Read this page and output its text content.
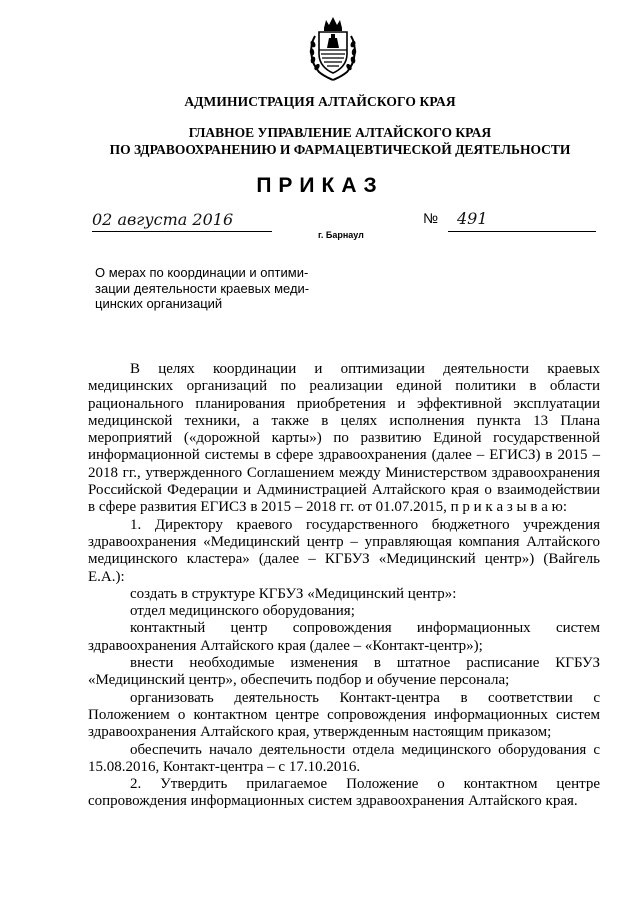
АДМИНИСТРАЦИЯ АЛТАЙСКОГО КРАЯ
ГЛАВНОЕ УПРАВЛЕНИЕ АЛТАЙСКОГО КРАЯ
ПО ЗДРАВООХРАНЕНИЮ И ФАРМАЦЕВТИЧЕСКОЙ ДЕЯТЕЛЬНОСТИ
ПРИКАЗ
02 августа 2016
г. Барнаул
№ 491
О мерах по координации и оптими-
зации деятельности краевых меди-
цинских организаций

В целях координации и оптимизации деятельности краевых медицинских организаций по реализации единой политики в области рационального планирования приобретения и эффективной эксплуатации медицинской техники, а также в целях исполнения пункта 13 Плана мероприятий («дорожной карты») по развитию Единой государственной информационной системы в сфере здравоохранения (далее – ЕГИСЗ) в 2015 – 2018 гг., утвержденного Соглашением между Министерством здравоохранения Российской Федерации и Администрацией Алтайского края о взаимодействии в сфере развития ЕГИСЗ в 2015 – 2018 гг. от 01.07.2015, п р и к а з ы в а ю:

1. Директору краевого государственного бюджетного учреждения здравоохранения «Медицинский центр – управляющая компания Алтайского медицинского кластера» (далее – КГБУЗ «Медицинский центр») (Вайгель Е.А.):

создать в структуре КГБУЗ «Медицинский центр»:

отдел медицинского оборудования;

контактный центр сопровождения информационных систем здравоохранения Алтайского края (далее – «Контакт-центр»);

внести необходимые изменения в штатное расписание КГБУЗ «Медицинский центр», обеспечить подбор и обучение персонала;

организовать деятельность Контакт-центра в соответствии с Положением о контактном центре сопровождения информационных систем здравоохранения Алтайского края, утвержденным настоящим приказом;

обеспечить начало деятельности отдела медицинского оборудования с 15.08.2016, Контакт-центра – с 17.10.2016.

2. Утвердить прилагаемое Положение о контактном центре сопровождения информационных систем здравоохранения Алтайского края.
